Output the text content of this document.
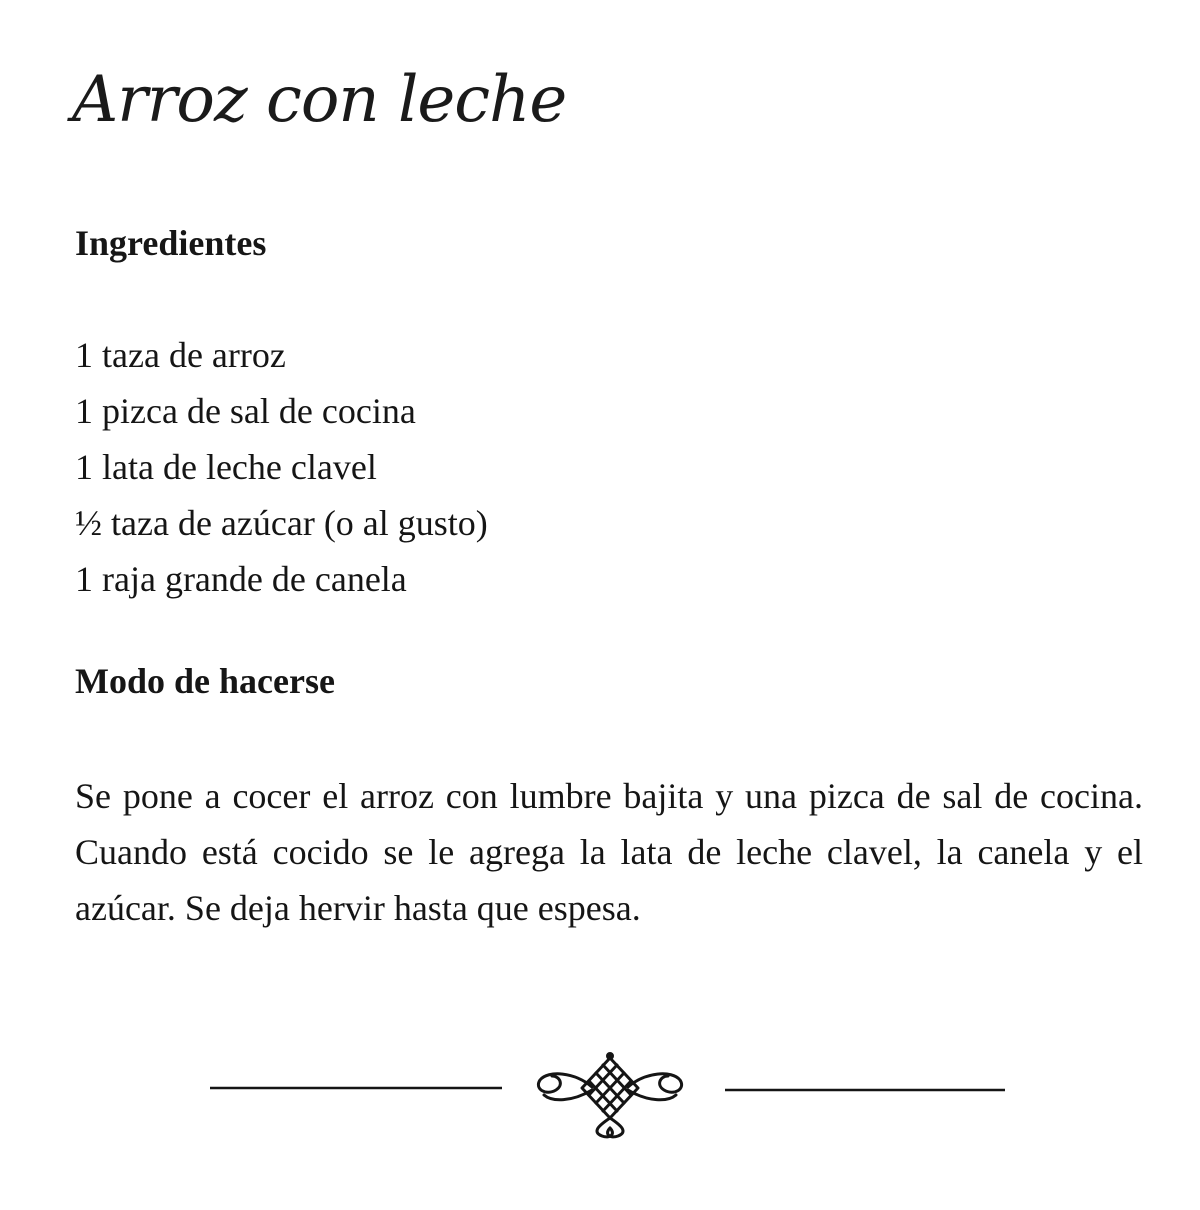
Arroz con leche
Ingredientes
1 taza de arroz
1 pizca de sal de cocina
1 lata de leche clavel
½ taza de azúcar (o al gusto)
1 raja grande de canela
Modo de hacerse

Se pone a cocer el arroz con lumbre bajita y una pizca de sal de cocina. Cuando está cocido se le agrega la lata de leche clavel, la canela y el azúcar. Se deja hervir hasta que espesa.
